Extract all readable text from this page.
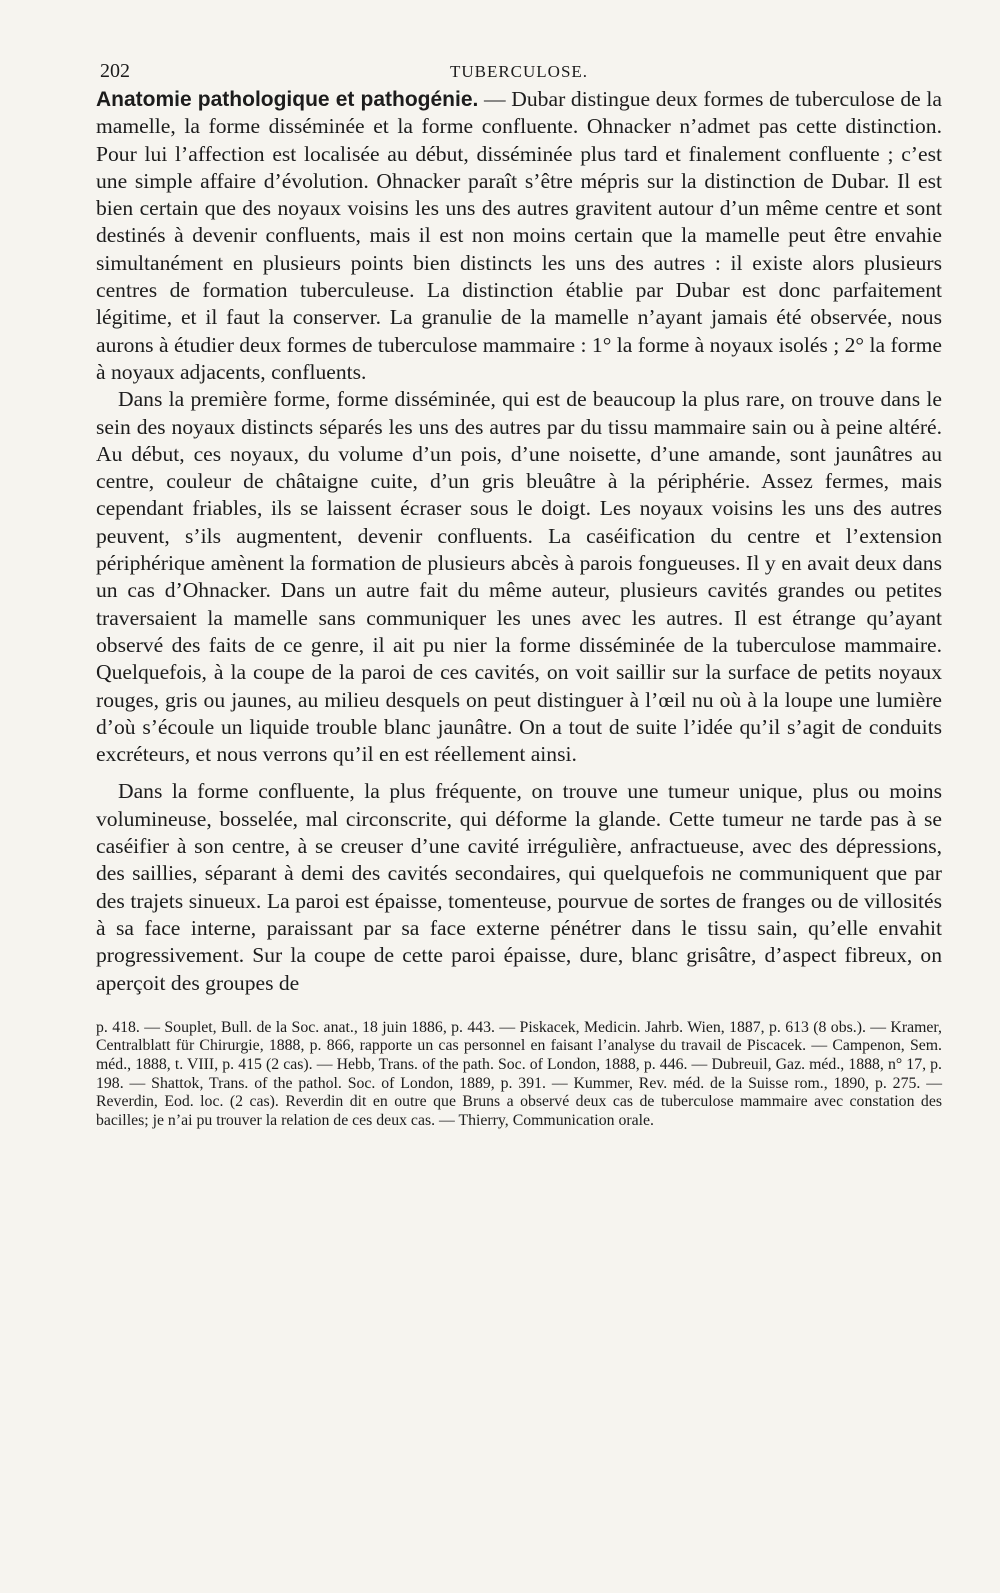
202	TUBERCULOSE.

Anatomie pathologique et pathogénie. — Dubar distingue deux formes de tuberculose de la mamelle, la forme disséminée et la forme confluente. Ohnacker n’admet pas cette distinction. Pour lui l’affection est localisée au début, disséminée plus tard et finalement confluente ; c’est une simple affaire d’évolution. Ohnacker paraît s’être mépris sur la distinction de Dubar. Il est bien certain que des noyaux voisins les uns des autres gravitent autour d’un même centre et sont destinés à devenir confluents, mais il est non moins certain que la mamelle peut être envahie simultanément en plusieurs points bien distincts les uns des autres : il existe alors plusieurs centres de formation tuberculeuse. La distinction établie par Dubar est donc parfaitement légitime, et il faut la conserver. La granulie de la mamelle n’ayant jamais été observée, nous aurons à étudier deux formes de tuberculose mammaire : 1° la forme à noyaux isolés ; 2° la forme à noyaux adjacents, confluents.

Dans la première forme, forme disséminée, qui est de beaucoup la plus rare, on trouve dans le sein des noyaux distincts séparés les uns des autres par du tissu mammaire sain ou à peine altéré. Au début, ces noyaux, du volume d’un pois, d’une noisette, d’une amande, sont jaunâtres au centre, couleur de châtaigne cuite, d’un gris bleuâtre à la périphérie. Assez fermes, mais cependant friables, ils se laissent écraser sous le doigt. Les noyaux voisins les uns des autres peuvent, s’ils augmentent, devenir confluents. La caséification du centre et l’extension périphérique amènent la formation de plusieurs abcès à parois fongueuses. Il y en avait deux dans un cas d’Ohnacker. Dans un autre fait du même auteur, plusieurs cavités grandes ou petites traversaient la mamelle sans communiquer les unes avec les autres. Il est étrange qu’ayant observé des faits de ce genre, il ait pu nier la forme disséminée de la tuberculose mammaire. Quelquefois, à la coupe de la paroi de ces cavités, on voit saillir sur la surface de petits noyaux rouges, gris ou jaunes, au milieu desquels on peut distinguer à l’œil nu où à la loupe une lumière d’où s’écoule un liquide trouble blanc jaunâtre. On a tout de suite l’idée qu’il s’agit de conduits excréteurs, et nous verrons qu’il en est réellement ainsi.

Dans la forme confluente, la plus fréquente, on trouve une tumeur unique, plus ou moins volumineuse, bosselée, mal circonscrite, qui déforme la glande. Cette tumeur ne tarde pas à se caséifier à son centre, à se creuser d’une cavité irrégulière, anfractueuse, avec des dépressions, des saillies, séparant à demi des cavités secondaires, qui quelquefois ne communiquent que par des trajets sinueux. La paroi est épaisse, tomenteuse, pourvue de sortes de franges ou de villosités à sa face interne, paraissant par sa face externe pénétrer dans le tissu sain, qu’elle envahit progressivement. Sur la coupe de cette paroi épaisse, dure, blanc grisâtre, d’aspect fibreux, on aperçoit des groupes de

p. 418. — Souplet, Bull. de la Soc. anat., 18 juin 1886, p. 443. — Piskacek, Medicin. Jahrb. Wien, 1887, p. 613 (8 obs.). — Kramer, Centralblatt für Chirurgie, 1888, p. 866, rapporte un cas personnel en faisant l’analyse du travail de Piscacek. — Campenon, Sem. méd., 1888, t. VIII, p. 415 (2 cas). — Hebb, Trans. of the path. Soc. of London, 1888, p. 446. — Dubreuil, Gaz. méd., 1888, n° 17, p. 198. — Shattok, Trans. of the pathol. Soc. of London, 1889, p. 391. — Kummer, Rev. méd. de la Suisse rom., 1890, p. 275. — Reverdin, Eod. loc. (2 cas). Reverdin dit en outre que Bruns a observé deux cas de tuberculose mammaire avec constation des bacilles; je n’ai pu trouver la relation de ces deux cas. — Thierry, Communication orale.
